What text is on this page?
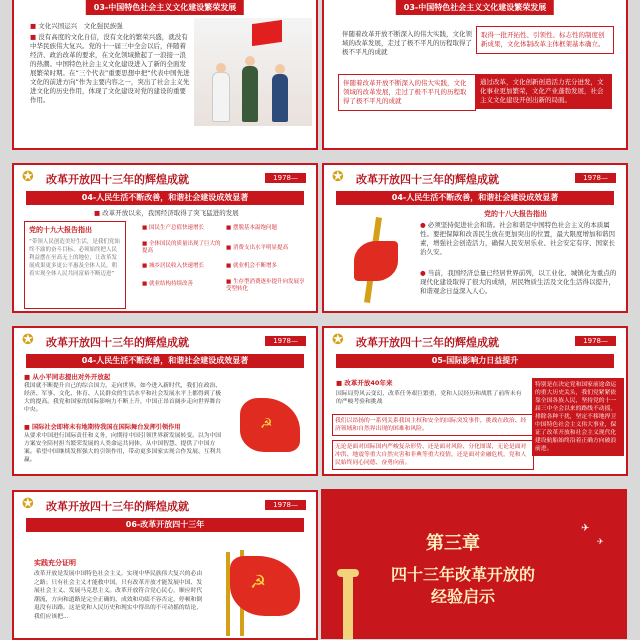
03-中国特色社会主义文化建设繁荣发展
■ 文化兴国运兴　文化强民族强
■ 没有高度的文化自信，没有文化的繁荣兴盛，就没有中华民族伟大复兴。党的十一届三中全会以后，伴随着经济、政治改革的要求，在文化领域掀起了一浪接一浪的热潮。中国特色社会主义文化建设进入了新的全面发展繁荣时期。在“三个代表”重要思想中把“代表中国先进文化的前进方向”作为主要内容之一，突出了社会主义先进文化的历史作用，体现了文化建设对党的建设的重要作用。
03-中国特色社会主义文化建设繁荣发展
伴随着改革开放不断深入的伟大实践，文化领域的改革发展，走过了极不平凡的历程取得了极不平凡的成就
取得一批开拓性、引领性、标志性的制度创新成果，文化体制改革主体框架基本确立。
伴随着改革开放不断深入的伟大实践，文化领域的改革发展，走过了极不平凡的历程取得了极不平凡的成就
通过改革，文化创新创造活力充分迸发，文化事业更加繁荣，文化产业蓬勃发展，社会主义文化建设开创出新的局面。
✪	改革开放四十三年的辉煌成就	1978—
04-人民生活不断改善，和谐社会建设成效显著
■ 改革开放以来，我国经济取得了突飞猛进的发展
党的十九大报告指出
“带领人民创造美好生活，是我们党始终不渝的奋斗目标。必须始终把人民利益摆在至高无上的地位，让改革发展成果更多更公平惠及全体人民，朝着实现全体人民共同富裕不断迈进”
■ 国民生产总值快速增长	■ 摆脱基本温饱问题
■ 全体国民的质量出现了巨大的提高	■ 消费支出水平明显提高
■ 城乡居民收入快速增长	■ 就业机会不断增多
■ 就业结构持续改善	■ 生存型消费逐步提升向发展享受型转化
✪	改革开放四十三年的辉煌成就	1978—
04-人民生活不断改善，和谐社会建设成效显著
党的十八大报告指出
● 必须坚持促进社会和谐。社会和谐是中国特色社会主义的本质属性。要把保障和改善民生放在更加突出的位置，最大限度增加和谐因素，增强社会创造活力，确保人民安居乐业、社会安定有序、国家长治久安。
● 当前，我国经济总量已经居世界前列，以工业化、城镇化为重点的现代化建设取得了很大的成绩，居民物质生活及文化生活得以提升，和谐观念日益深入人心。
✪	改革开放四十三年的辉煌成就	1978—
04-人民生活不断改善，和谐社会建设成效显著
■ 从小平同志提出对外开放起
我国就不断提升自己的综合国力，走向世界。如今进入新时代，我们在政治、经济、军事、文化、体育、人民群众的生活水平和社会发展水平上都得到了极大的提高。我党和国家的国际影响力不断上升，中国正昂首阔步走向世界舞台中央。
■ 国际社会即将未有地期待我国在国际舞台发挥引领作用
从要求中国进行国际责任和义务，向期待中国引领世界新发展转变。以为中国方案安全陪衬担当繁荣发展的人类命运共同体，从中国智慧、提供了中国方案。希望中国继续发挥强大的引领作用，带动更多国家实现合作发展、互利共赢。
☭
✪	改革开放四十三年的辉煌成就	1978—
05-国际影响力日益提升
■ 改革开放40年来
国际局势风云变幻，改革任务艰巨繁重，党和人民经历和战胜了前所未有的严峻考验和挑战
我们以昂扬的一系列关系我国主权和安全的国际突发事件，挑战在政治、经济领域和自然界出现的困难和风险。
无论是面对国际国内严峻复杂形势、还是面对风险、分化图谋，无论是面对冲洪、地震等重大自然灾害和非典等重大疫情，还是面对金融危机，党和人民始终同心同德、奋勇向前。
特别是在决定党和国家前途命运的重大历史关头，我们党紧紧依靠全国各族人民，坚持党的十一届三中全会以来的路线不动摇，排除各种干扰，坚定不移地捍卫中国特色社会主义伟大事业，保证了改革开放和社会主义现代化建设航船始终沿着正确方向破浪前进。
✪	改革开放四十三年的辉煌成就	1978—
06-改革开放四十三年
实践充分证明
改革开放是发展中国特色社会主义，实现中华民族伟大复兴的必由之路；只有社会主义才能救中国，只有改革开放才能发展中国、发展社会主义、发展马克思主义。改革开放符合党心民心，顺应时代潮流，方向和道路是完全正确的，成效和功绩不容否定，停顿和倒退没有出路。这是党和人民历史和现实中得出的不可动摇的结论，我们应该把...
☭
✈
✈
第三章
四十三年改革开放的
经验启示
